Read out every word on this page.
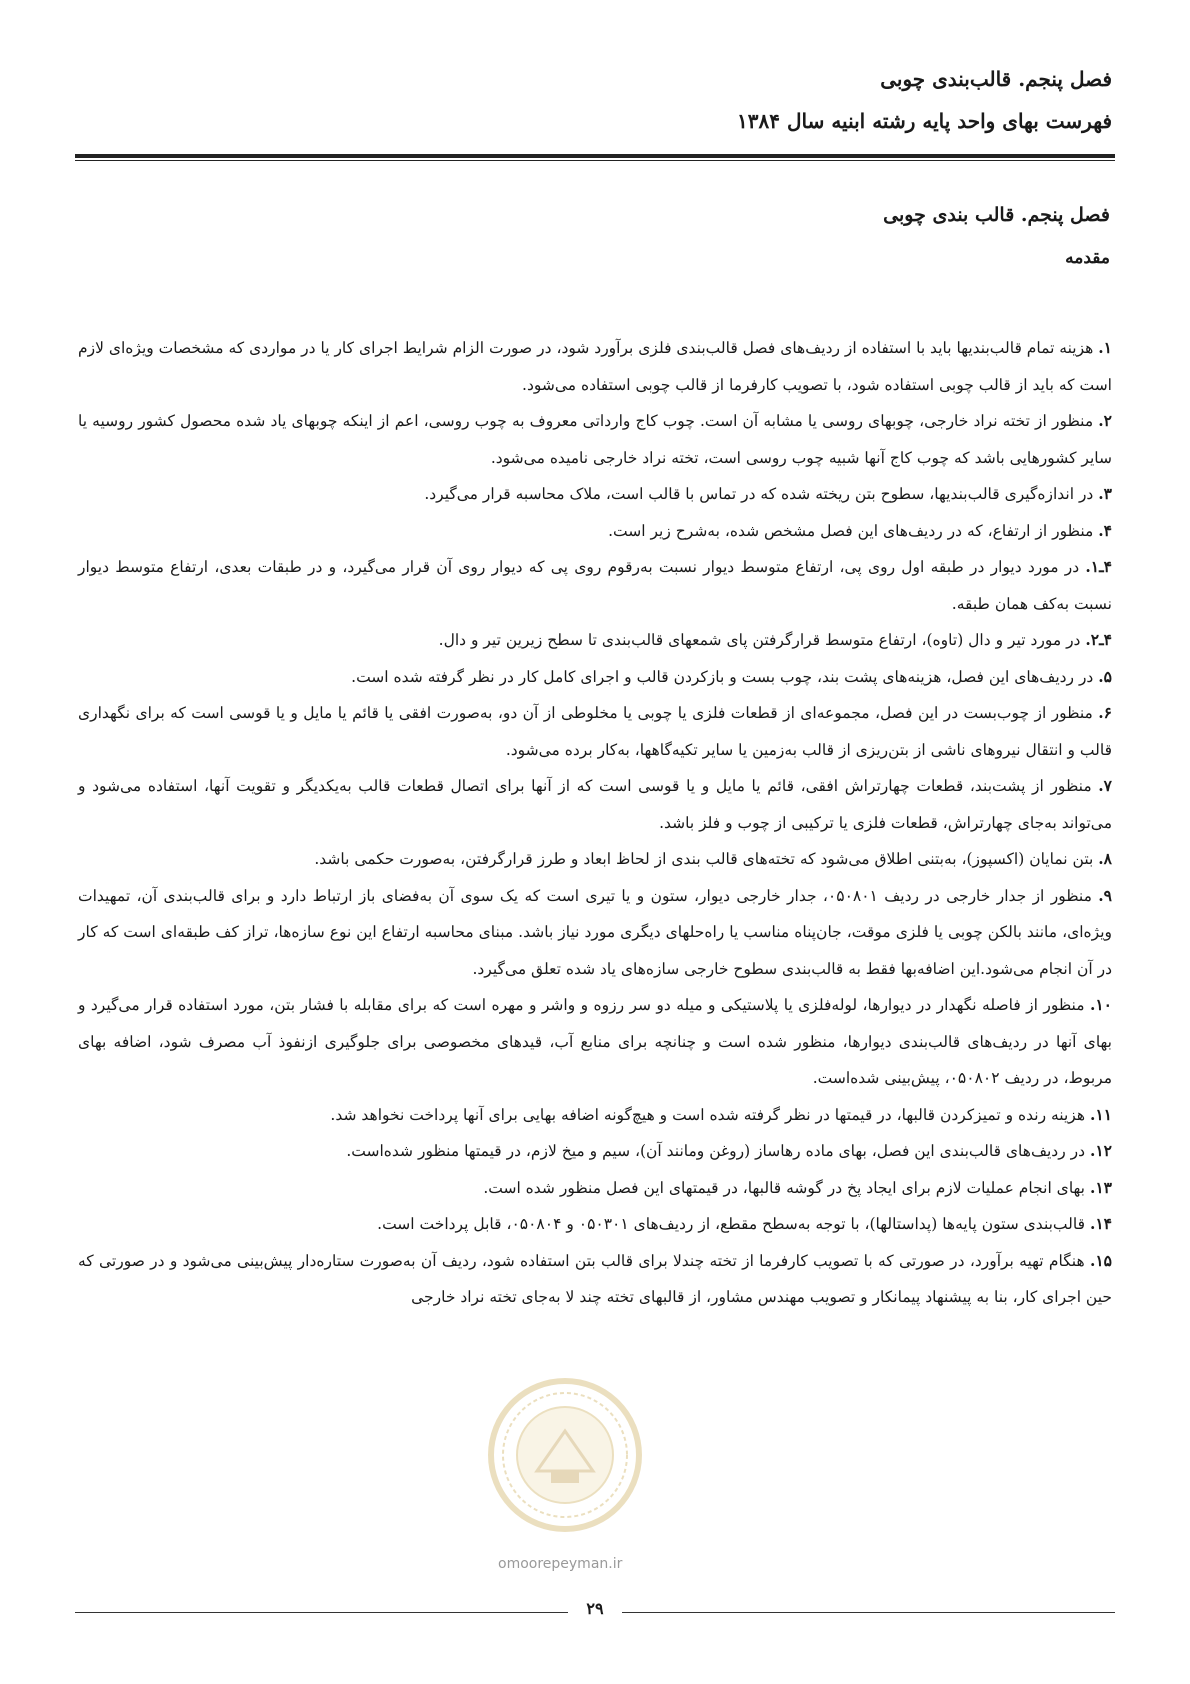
فصل پنجم. قالب‌بندی چوبی
فهرست بهای واحد پایه رشته ابنیه سال ۱۳۸۴
فصل پنجم. قالب بندی چوبی
مقدمه

۱. هزینه تمام قالب‌بندیها باید با استفاده از ردیف‌های فصل قالب‌بندی فلزی برآورد شود، در صورت الزام شرایط اجرای کار یا در مواردی که مشخصات ویژه‌ای لازم است که باید از قالب چوبی استفاده شود، با تصویب کارفرما از قالب چوبی استفاده می‌شود.

۲. منظور از تخته نراد خارجی، چوبهای روسی یا مشابه آن است. چوب کاج وارداتی معروف به چوب روسی، اعم از اینکه چوبهای یاد شده محصول کشور روسیه یا سایر کشورهایی باشد که چوب کاج آنها شبیه چوب روسی است، تخته نراد خارجی نامیده می‌شود.

۳. در اندازه‌گیری قالب‌بندیها، سطوح بتن ریخته شده که در تماس با قالب است، ملاک محاسبه قرار می‌گیرد.

۴. منظور از ارتفاع، که در ردیف‌های این فصل مشخص شده، به‌شرح زیر است.

۴ـ۱. در مورد دیوار در طبقه اول روی پی، ارتفاع متوسط دیوار نسبت به‌رقوم روی پی که دیوار روی آن قرار می‌گیرد، و در طبقات بعدی، ارتفاع متوسط دیوار نسبت به‌کف همان طبقه.

۴ـ۲. در مورد تیر و دال (تاوه)، ارتفاع متوسط قرارگرفتن پای شمعهای قالب‌بندی تا سطح زیرین تیر و دال.

۵. در ردیف‌های این فصل، هزینه‌های پشت بند، چوب بست و بازکردن قالب و اجرای کامل کار در نظر گرفته شده است.

۶. منظور از چوب‌بست در این فصل، مجموعه‌ای از قطعات فلزی یا چوبی یا مخلوطی از آن دو، به‌صورت افقی یا قائم یا مایل و یا قوسی است که برای نگهداری قالب و انتقال نیروهای ناشی از بتن‌ریزی از قالب به‌زمین یا سایر تکیه‌گاهها، به‌کار برده می‌شود.

۷. منظور از پشت‌بند، قطعات چهارتراش افقی، قائم یا مایل و یا قوسی است که از آنها برای اتصال قطعات قالب به‌یکدیگر و تقویت آنها، استفاده می‌شود و می‌تواند به‌جای چهارتراش، قطعات فلزی یا ترکیبی از چوب و فلز باشد.

۸. بتن نمایان (اکسپوز)، به‌بتنی اطلاق می‌شود که تخته‌های قالب بندی از لحاظ ابعاد و طرز قرارگرفتن، به‌صورت حکمی باشد.

۹. منظور از جدار خارجی در ردیف ۰۵۰۸۰۱، جدار خارجی دیوار، ستون و یا تیری است که یک سوی آن به‌فضای باز ارتباط دارد و برای قالب‌بندی آن، تمهیدات ویژه‌ای، مانند بالکن چوبی یا فلزی موقت، جان‌پناه مناسب یا راه‌حلهای دیگری مورد نیاز باشد. مبنای محاسبه ارتفاع این نوع سازه‌ها، تراز کف طبقه‌ای است که کار در آن انجام می‌شود.این اضافه‌بها فقط به قالب‌بندی سطوح خارجی سازه‌های یاد شده تعلق می‌گیرد.

۱۰. منظور از فاصله نگهدار در دیوارها، لوله‌فلزی یا پلاستیکی و میله دو سر رزوه و واشر و مهره است که برای مقابله با فشار بتن، مورد استفاده قرار می‌گیرد و بهای آنها در ردیف‌های قالب‌بندی دیوارها، منظور شده است و چنانچه برای منابع آب، قیدهای مخصوصی برای جلوگیری ازنفوذ آب مصرف شود، اضافه بهای مربوط، در ردیف ۰۵۰۸۰۲، پیش‌بینی شده‌است.

۱۱. هزینه رنده و تمیزکردن قالبها، در قیمتها در نظر گرفته شده است و هیچ‌گونه اضافه بهایی برای آنها پرداخت نخواهد شد.

۱۲. در ردیف‌های قالب‌بندی این فصل، بهای ماده رهاساز (روغن ومانند آن)، سیم و میخ لازم، در قیمتها منظور شده‌است.

۱۳. بهای انجام عملیات لازم برای ایجاد پخ در گوشه قالبها، در قیمتهای این فصل منظور شده است.

۱۴. قالب‌بندی ستون پایه‌ها (پداستالها)، با توجه به‌سطح مقطع، از ردیف‌های ۰۵۰۳۰۱ و ۰۵۰۸۰۴، قابل پرداخت است.

۱۵. هنگام تهیه برآورد، در صورتی که با تصویب کارفرما از تخته چندلا برای قالب بتن استفاده شود، ردیف آن به‌صورت ستاره‌دار پیش‌بینی می‌شود و در صورتی که حین اجرای کار، بنا به پیشنهاد پیمانکار و تصویب مهندس مشاور، از قالبهای تخته چند لا به‌جای تخته نراد خارجی

omoorepeyman.ir
۲۹
